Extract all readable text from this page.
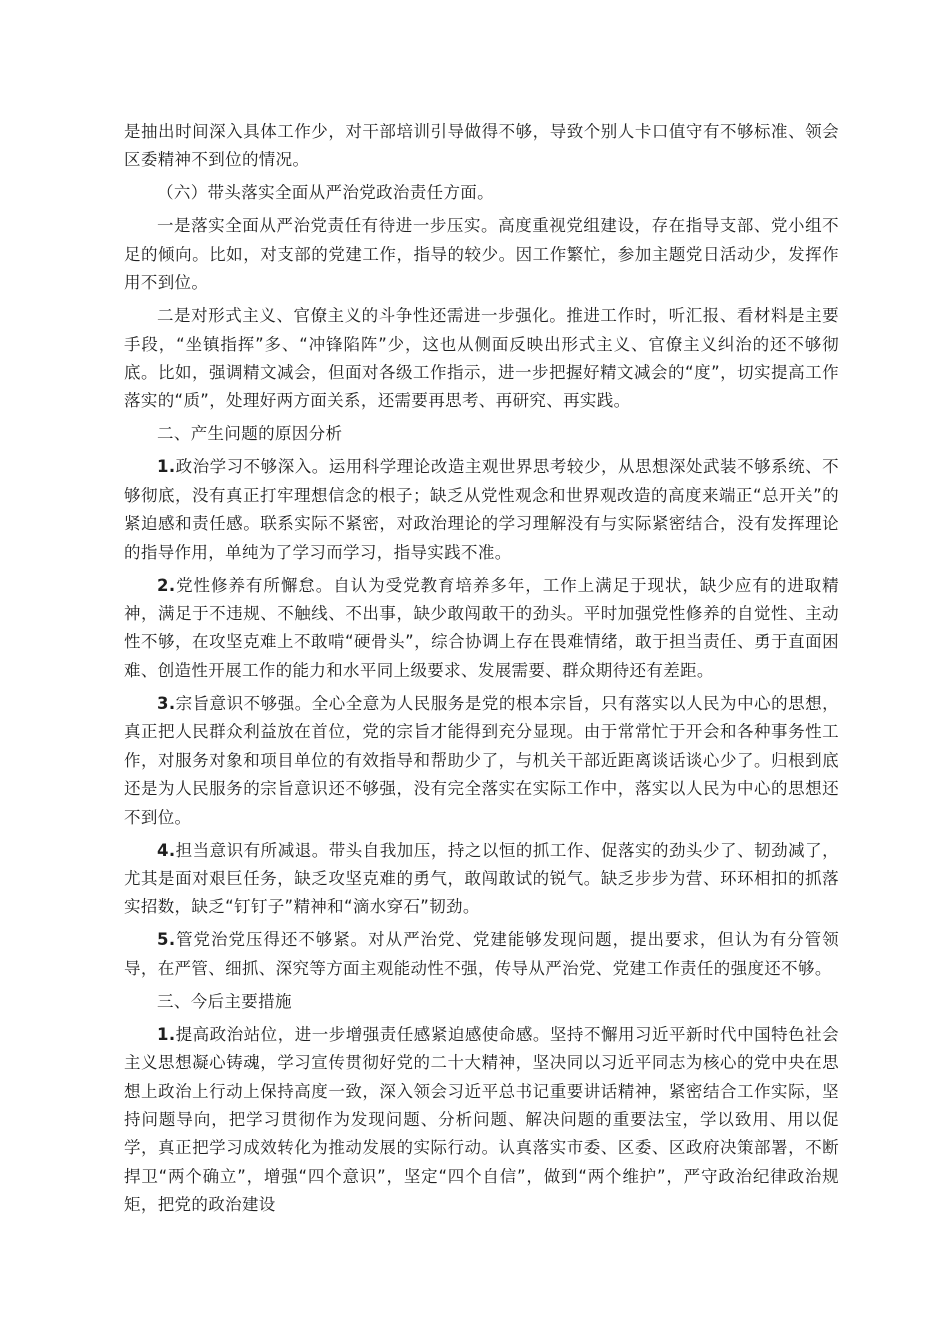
是抽出时间深入具体工作少，对干部培训引导做得不够，导致个别人卡口值守有不够标准、领会区委精神不到位的情况。

（六）带头落实全面从严治党政治责任方面。

一是落实全面从严治党责任有待进一步压实。高度重视党组建设，存在指导支部、党小组不足的倾向。比如，对支部的党建工作，指导的较少。因工作繁忙，参加主题党日活动少，发挥作用不到位。

二是对形式主义、官僚主义的斗争性还需进一步强化。推进工作时，听汇报、看材料是主要手段，“坐镇指挥”多、“冲锋陷阵”少，这也从侧面反映出形式主义、官僚主义纠治的还不够彻底。比如，强调精文减会，但面对各级工作指示，进一步把握好精文减会的“度”，切实提高工作落实的“质”，处理好两方面关系，还需要再思考、再研究、再实践。

二、产生问题的原因分析

1.政治学习不够深入。运用科学理论改造主观世界思考较少，从思想深处武装不够系统、不够彻底，没有真正打牢理想信念的根子；缺乏从党性观念和世界观改造的高度来端正“总开关”的紧迫感和责任感。联系实际不紧密，对政治理论的学习理解没有与实际紧密结合，没有发挥理论的指导作用，单纯为了学习而学习，指导实践不准。

2.党性修养有所懈怠。自认为受党教育培养多年，工作上满足于现状，缺少应有的进取精神，满足于不违规、不触线、不出事，缺少敢闯敢干的劲头。平时加强党性修养的自觉性、主动性不够，在攻坚克难上不敢啃“硬骨头”，综合协调上存在畏难情绪，敢于担当责任、勇于直面困难、创造性开展工作的能力和水平同上级要求、发展需要、群众期待还有差距。

3.宗旨意识不够强。全心全意为人民服务是党的根本宗旨，只有落实以人民为中心的思想，真正把人民群众利益放在首位，党的宗旨才能得到充分显现。由于常常忙于开会和各种事务性工作，对服务对象和项目单位的有效指导和帮助少了，与机关干部近距离谈话谈心少了。归根到底还是为人民服务的宗旨意识还不够强，没有完全落实在实际工作中，落实以人民为中心的思想还不到位。

4.担当意识有所减退。带头自我加压，持之以恒的抓工作、促落实的劲头少了、韧劲减了，尤其是面对艰巨任务，缺乏攻坚克难的勇气，敢闯敢试的锐气。缺乏步步为营、环环相扣的抓落实招数，缺乏“钉钉子”精神和“滴水穿石”韧劲。

5.管党治党压得还不够紧。对从严治党、党建能够发现问题，提出要求，但认为有分管领导，在严管、细抓、深究等方面主观能动性不强，传导从严治党、党建工作责任的强度还不够。

三、今后主要措施

1.提高政治站位，进一步增强责任感紧迫感使命感。坚持不懈用习近平新时代中国特色社会主义思想凝心铸魂，学习宣传贯彻好党的二十大精神，坚决同以习近平同志为核心的党中央在思想上政治上行动上保持高度一致，深入领会习近平总书记重要讲话精神，紧密结合工作实际，坚持问题导向，把学习贯彻作为发现问题、分析问题、解决问题的重要法宝，学以致用、用以促学，真正把学习成效转化为推动发展的实际行动。认真落实市委、区委、区政府决策部署，不断捍卫“两个确立”，增强“四个意识”，坚定“四个自信”，做到“两个维护”，严守政治纪律政治规矩，把党的政治建设
